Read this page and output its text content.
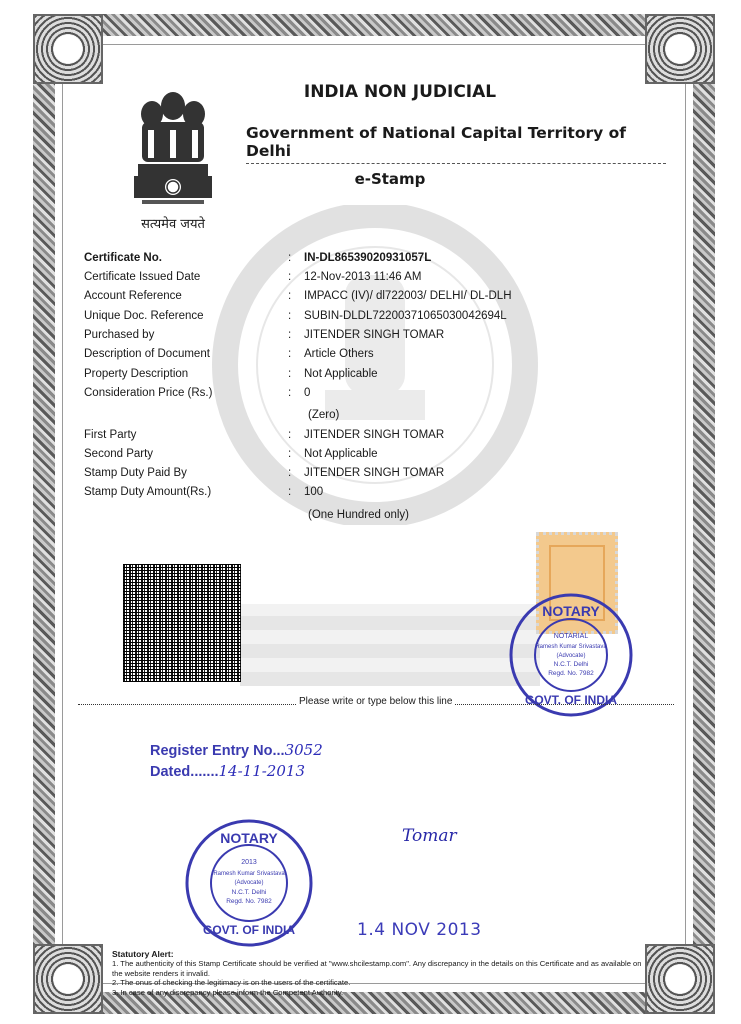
सत्यमेव जयते
INDIA NON JUDICIAL
Government of National Capital Territory of Delhi
e-Stamp
Certificate No.	: IN-DL86539020931057L
Certificate Issued Date	: 12-Nov-2013 11:46 AM
Account Reference	: IMPACC (IV)/ dl722003/ DELHI/ DL-DLH
Unique Doc. Reference	: SUBIN-DLDL72200371065030042694L
Purchased by	: JITENDER SINGH TOMAR
Description of Document	: Article Others
Property Description	: Not Applicable
Consideration Price (Rs.)	: 0
(Zero)
First Party	: JITENDER SINGH TOMAR
Second Party	: Not Applicable
Stamp Duty Paid By	: JITENDER SINGH TOMAR
Stamp Duty Amount(Rs.)	: 100
(One Hundred only)
NOTARY
NOTARIAL
Ramesh Kumar Srivastava
(Advocate)
N.C.T. Delhi
Regd. No. 7982
GOVT. OF INDIA
Please write or type below this line
Register Entry No...3052
Dated.......14-11-2013
Tomar
NOTARY
2013
Ramesh Kumar Srivastava
(Advocate)
N.C.T. Delhi
Regd. No. 7982
GOVT. OF INDIA	1.4 NOV 2013
Statutory Alert:
1. The authenticity of this Stamp Certificate should be verified at "www.shcilestamp.com". Any discrepancy in the details on this Certificate and as available on the website renders it invalid.
2. The onus of checking the legitimacy is on the users of the certificate.
3. In case of any discrepancy please inform the Competent Authority.
